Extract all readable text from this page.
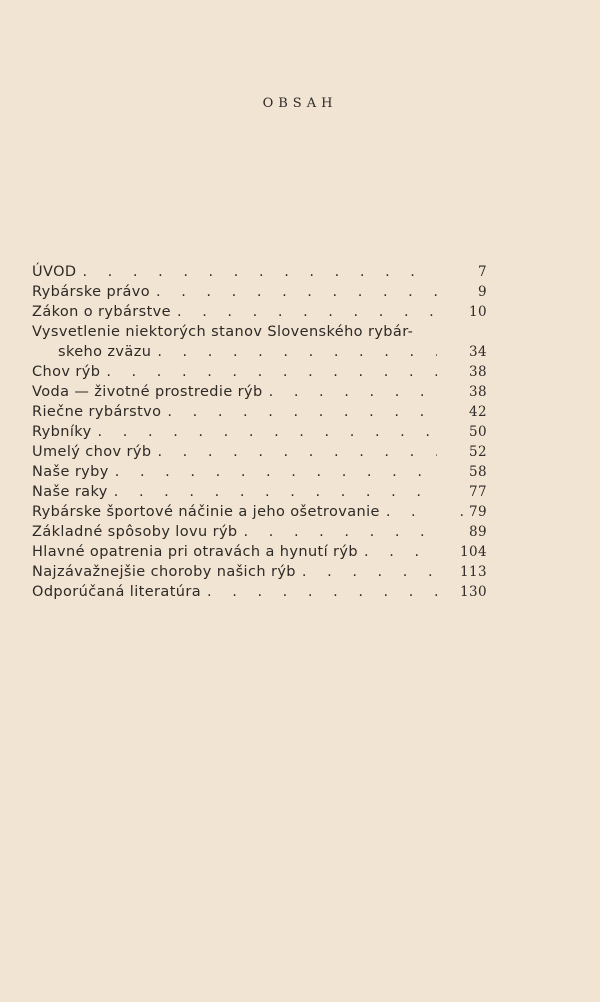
OBSAH
ÚVOD . . .	7
Rybárske právo . . .	9
Zákon o rybárstve . . .	10
Vysvetlenie niektorých stanov Slovenského rybár-
skeho zväzu . . .	34
Chov rýb . . .	38
Voda — životné prostredie rýb . . .	38
Riečne rybárstvo . . .	42
Rybníky . . .	50
Umelý chov rýb . . .	52
Naše ryby . . .	58
Naše raky . . .	77
Rybárske športové náčinie a jeho ošetrovanie . . .	. 79
Základné spôsoby lovu rýb . . .	89
Hlavné opatrenia pri otravách a hynutí rýb . . .	104
Najzávažnejšie choroby našich rýb . . .	113
Odporúčaná literatúra . . .	130
